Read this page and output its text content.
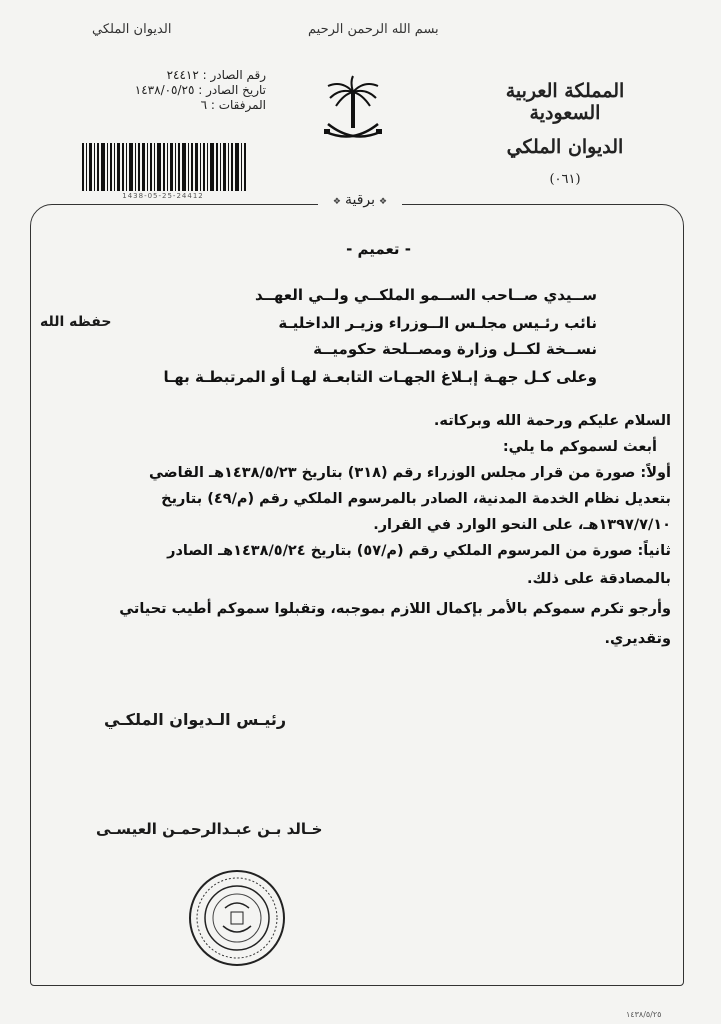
الديوان الملكي	بسم الله الرحمن الرحيم
رقم الصادر : ٢٤٤١٢
تاريخ الصادر : ١٤٣٨/٠٥/٢٥
المرفقات : ٦
1438-05-25-24412
المملكة العربية السعودية
الديوان الملكي
(٠٦١)
❖ برقية ❖
- تعميم -
ســيدي صــاحب الســمو الملكــي ولــي العهــد
نائب رئـيس مجلـس الــوزراء وزيـر الداخليـة
نســخة لكــل وزارة ومصــلحة حكوميــة
وعلى كـل جهـة إبـلاغ الجهـات التابعـة لهـا أو المرتبطـة بهـا
حفظه الله
السلام عليكم ورحمة الله وبركاته.
أبعث لسموكم ما يلي:
أولاً: صورة من قرار مجلس الوزراء رقم (٣١٨) بتاريخ ١٤٣٨/٥/٢٣هـ القاضي
بتعديل نظام الخدمة المدنية، الصادر بالمرسوم الملكي رقم (م/٤٩) بتاريخ
١٣٩٧/٧/١٠هـ، على النحو الوارد في القرار.
ثانياً: صورة من المرسوم الملكي رقم (م/٥٧) بتاريخ ١٤٣٨/٥/٢٤هـ الصادر
بالمصادقة على ذلك.
وأرجو تكرم سموكم بالأمر بإكمال اللازم بموجبه، وتقبلوا سموكم أطيب تحياتي
وتقديري.
رئيـس الـديوان الملكـي
خـالد بـن عبـدالرحمـن العيسـى
١٤٣٨/٥/٢٥
